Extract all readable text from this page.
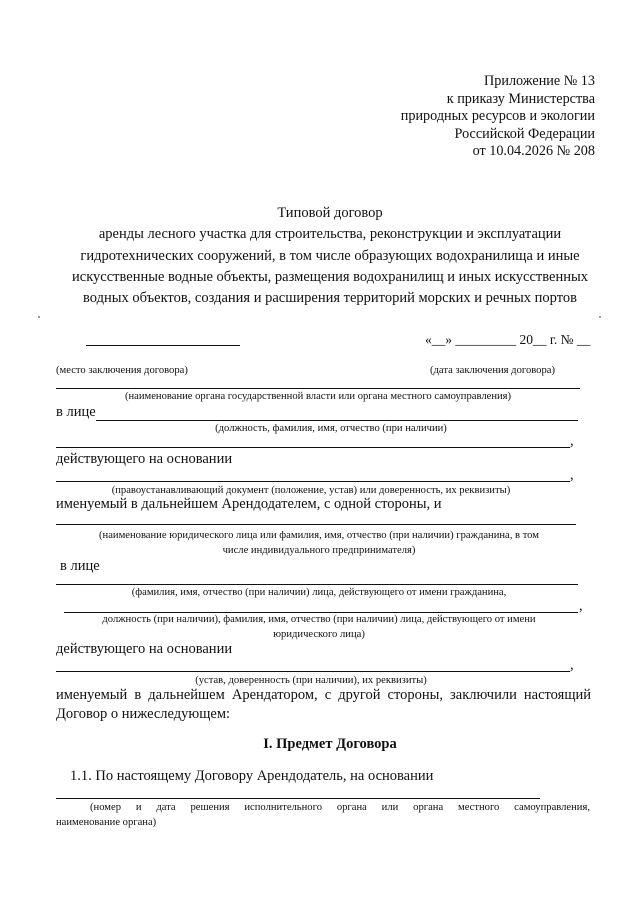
Приложение № 13
к приказу Министерства
природных ресурсов и экологии
Российской Федерации
от 10.04.2026 № 208
Типовой договор
аренды лесного участка для строительства, реконструкции и эксплуатации
гидротехнических сооружений, в том числе образующих водохранилища и иные
искусственные водные объекты, размещения водохранилищ и иных искусственных
водных объектов, создания и расширения территорий морских и речных портов
«__» _________ 20__ г. № __
(место заключения договора)	(дата заключения договора)
(наименование органа государственной власти или органа местного самоуправления)
в лице
(должность, фамилия, имя, отчество (при наличии)
,
действующего на основании
,
(правоустанавливающий документ (положение, устав) или доверенность, их реквизиты)
именуемый в дальнейшем Арендодателем, с одной стороны, и
(наименование юридического лица или фамилия, имя, отчество (при наличии) гражданина, в том
числе индивидуального предпринимателя)
в лице
(фамилия, имя, отчество (при наличии) лица, действующего от имени гражданина,
,
должность (при наличии), фамилия, имя, отчество (при наличии) лица, действующего от имени
юридического лица)
действующего на основании
,
(устав, доверенность (при наличии), их реквизиты)
именуемый в дальнейшем Арендатором, с другой стороны, заключили настоящий
Договор о нижеследующем:
I. Предмет Договора
1.1. По настоящему Договору Арендодатель, на основании
(номер и дата решения исполнительного органа или органа местного самоуправления,
наименование органа)
